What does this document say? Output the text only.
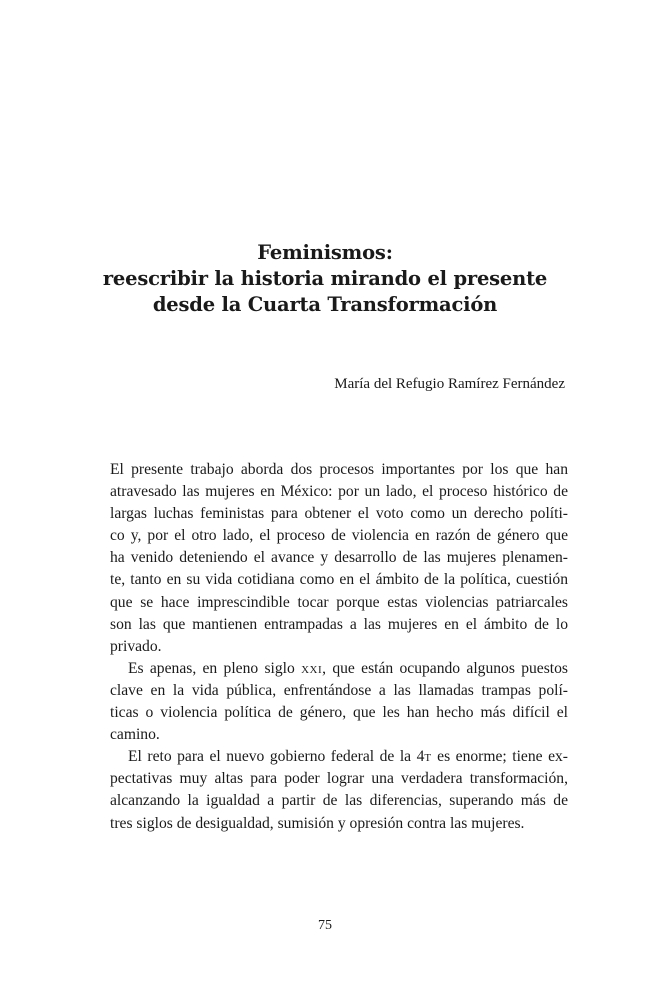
Feminismos:
reescribir la historia mirando el presente
desde la Cuarta Transformación
María del Refugio Ramírez Fernández
El presente trabajo aborda dos procesos importantes por los que han
atravesado las mujeres en México: por un lado, el proceso histórico de
largas luchas feministas para obtener el voto como un derecho políti-
co y, por el otro lado, el proceso de violencia en razón de género que
ha venido deteniendo el avance y desarrollo de las mujeres plenamen-
te, tanto en su vida cotidiana como en el ámbito de la política, cuestión
que se hace imprescindible tocar porque estas violencias patriarcales
son las que mantienen entrampadas a las mujeres en el ámbito de lo
privado.
Es apenas, en pleno siglo xxi, que están ocupando algunos puestos
clave en la vida pública, enfrentándose a las llamadas trampas polí-
ticas o violencia política de género, que les han hecho más difícil el
camino.
El reto para el nuevo gobierno federal de la 4t es enorme; tiene ex-
pectativas muy altas para poder lograr una verdadera transformación,
alcanzando la igualdad a partir de las diferencias, superando más de
tres siglos de desigualdad, sumisión y opresión contra las mujeres.
75
